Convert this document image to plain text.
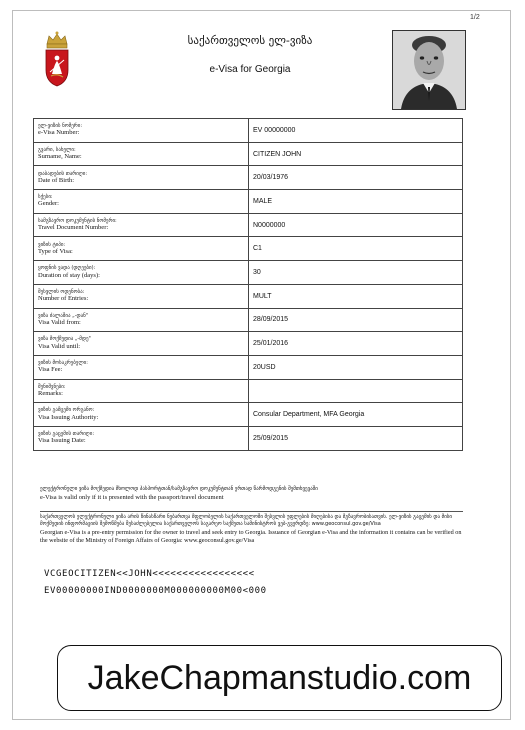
1/2
საქართველოს ელ-ვიზა
e-Visa for Georgia
ელ-ვიზის ნომერი:
e-Visa Number:	EV 00000000

გვარი, სახელი:
Surname, Name:	CITIZEN JOHN

დაბადების თარიღი:
Date of Birth:	20/03/1976

სქესი:
Gender:	MALE

სამგზავრო დოკუმენტის ნომერი:
Travel Document Number:	N0000000

ვიზის ტიპი:
Type of Visa:	C1

ყოფნის ვადა (დღეები):
Duration of stay (days):	30

შესვლის ოდენობა:
Number of Entries:	MULT

ვიზა ძალაშია „-დან"
Visa Valid from:	28/09/2015

ვიზა მოქმედია „-მდე"
Visa Valid until:	25/01/2016

ვიზის მოსაკრებელი:
Visa Fee:	20USD

შენიშვნები:
Remarks:	

ვიზის გამცემი ორგანო:
Visa Issuing Authority:	Consular Department, MFA Georgia

ვიზის გაცემის თარიღი:
Visa Issuing Date:	25/09/2015
ელექტრონული ვიზა მოქმედია მხოლოდ პასპორტთან/სამგზავრო დოკუმენტთან ერთად წარმოდგენის შემთხვევაში
e-Visa is valid only if it is presented with the passport/travel document
საქართველოს ელექტრონული ვიზა არის წინასწარი ნებართვა მფლობელის საქართველოში შესვლის უფლების მიღებისა და მგზავრობისათვის. ელ-ვიზის გაცემის და მისი მოქმედის ინფორმაციის შემოწმება შესაძლებელია საქართველოს საგარეო საქმეთა სამინისტროს ვებ-გვერდზე: www.geoconsul.gov.ge/Visa
Georgian e-Visa is a pre-entry permission for the owner to travel and seek entry to Georgia. Issuance of Georgian e-Visa and the information it contains can be verified on the website of the Ministry of Foreign Affairs of Georgia: www.geoconsul.gov.ge/Visa
VCGEOCITIZEN<<JOHN<<<<<<<<<<<<<<<<<
EV00000000IND0000000M000000000M00<000
JakeChapmanstudio.com
